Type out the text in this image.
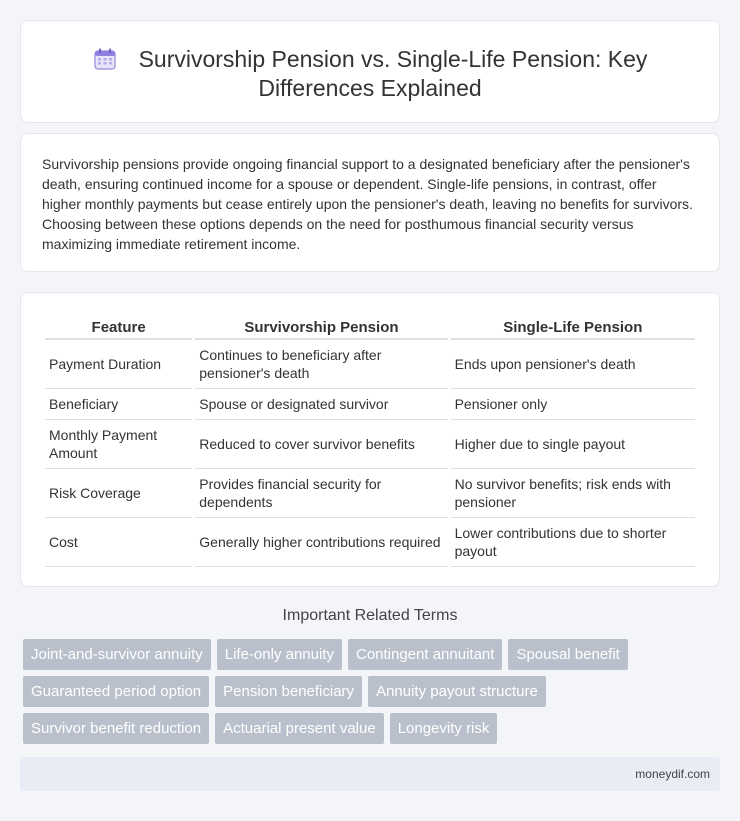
Survivorship Pension vs. Single-Life Pension: Key
Differences Explained

Survivorship pensions provide ongoing financial support to a designated beneficiary after the pensioner's death, ensuring continued income for a spouse or dependent. Single-life pensions, in contrast, offer higher monthly payments but cease entirely upon the pensioner's death, leaving no benefits for survivors. Choosing between these options depends on the need for posthumous financial security versus maximizing immediate retirement income.

Feature	Survivorship Pension	Single-Life Pension
Payment Duration	Continues to beneficiary after pensioner's death	Ends upon pensioner's death
Beneficiary	Spouse or designated survivor	Pensioner only
Monthly Payment Amount	Reduced to cover survivor benefits	Higher due to single payout
Risk Coverage	Provides financial security for dependents	No survivor benefits; risk ends with pensioner
Cost	Generally higher contributions required	Lower contributions due to shorter payout
Important Related Terms
Joint-and-survivor annuity	Life-only annuity	Contingent annuitant	Spousal benefit
Guaranteed period option	Pension beneficiary	Annuity payout structure
Survivor benefit reduction	Actuarial present value	Longevity risk
moneydif.com
